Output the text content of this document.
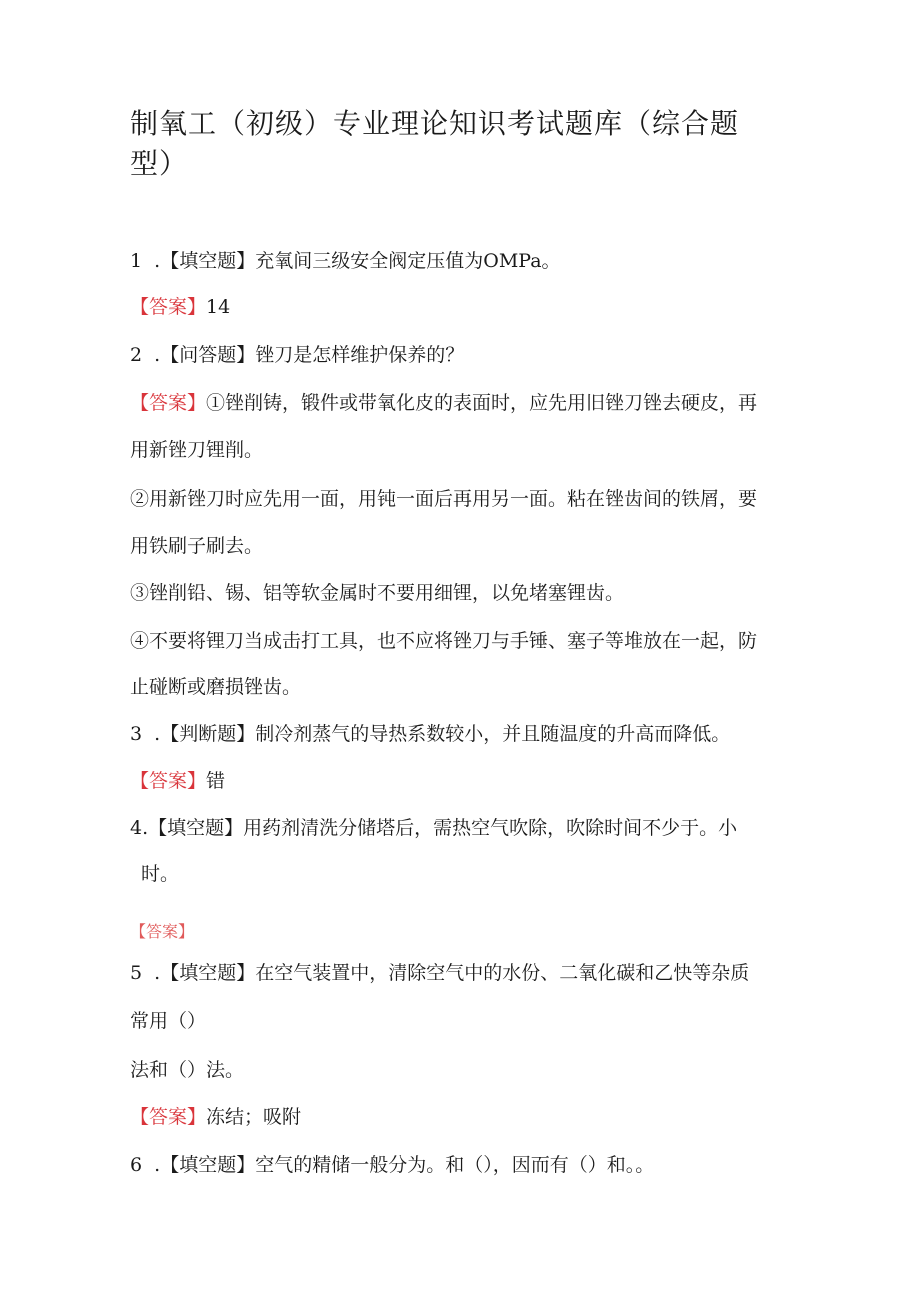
制氧工（初级）专业理论知识考试题库（综合题
型）
1  .【填空题】充氧间三级安全阀定压值为OMPa。
【答案】14
2  .【问答题】锉刀是怎样维护保养的？
【答案】①锉削铸，锻件或带氧化皮的表面时，应先用旧锉刀锉去硬皮，再
用新锉刀锂削。
②用新锉刀时应先用一面，用钝一面后再用另一面。粘在锉齿间的铁屑，要
用铁刷子刷去。
③锉削铅、锡、铝等软金属时不要用细锂，以免堵塞锂齿。
④不要将锂刀当成击打工具，也不应将锉刀与手锤、塞子等堆放在一起，防
止碰断或磨损锉齿。
3  .【判断题】制冷剂蒸气的导热系数较小，并且随温度的升高而降低。
【答案】错
4.【填空题】用药剂清洗分储塔后，需热空气吹除，吹除时间不少于。小
时。
【答案】
5  .【填空题】在空气装置中，清除空气中的水份、二氧化碳和乙快等杂质
常用（）
法和（）法。
【答案】冻结；吸附
6  .【填空题】空气的精储一般分为。和（），因而有（）和。。
